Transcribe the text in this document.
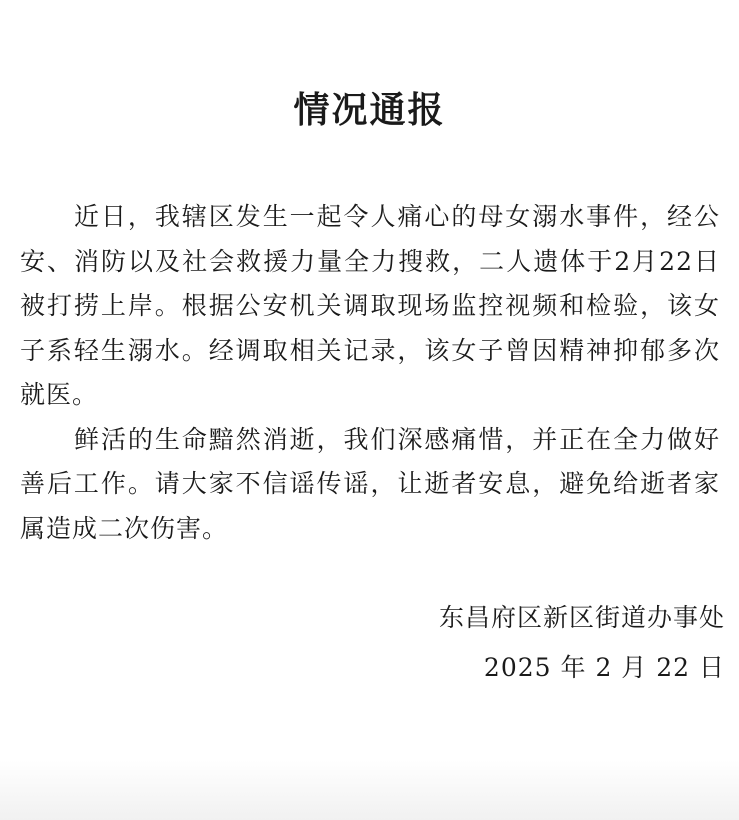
情况通报

近日，我辖区发生一起令人痛心的母女溺水事件，经公安、消防以及社会救援力量全力搜救，二人遗体于2月22日被打捞上岸。根据公安机关调取现场监控视频和检验，该女子系轻生溺水。经调取相关记录，该女子曾因精神抑郁多次就医。

鲜活的生命黯然消逝，我们深感痛惜，并正在全力做好善后工作。请大家不信谣传谣，让逝者安息，避免给逝者家属造成二次伤害。

东昌府区新区街道办事处
2025 年 2 月 22 日
